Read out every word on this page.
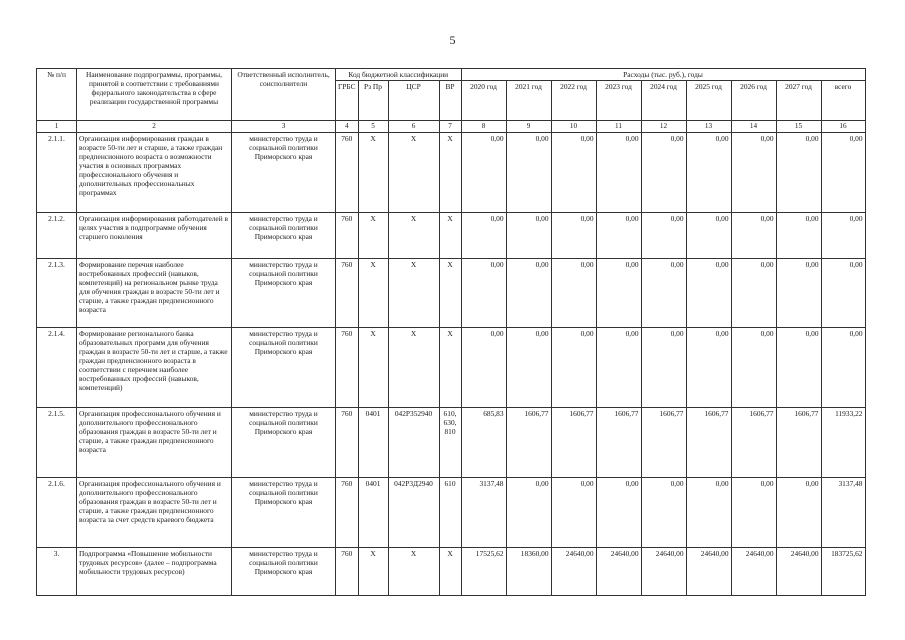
5
№ п/п	Наименование подпрограммы, программы, принятой в соответствии с требованиями федерального законодательства в сфере реализации государственной программы	Ответственный исполнитель, соисполнители	Код бюджетной классификации				Расходы (тыс. руб.), годы								
			ГРБС	Рз Пр	ЦСР	ВР	2020 год	2021 год	2022 год	2023 год	2024 год	2025 год	2026 год	2027 год	всего
1	2	3	4	5	6	7	8	9	10	11	12	13	14	15	16
2.1.1.	Организация информирования граждан в возрасте 50-ти лет и старше, а также граждан предпенсионного возраста о возможности участия в основных программах профессионального обучения и дополнительных профессиональных программах	министерство труда и социальной политики Приморского края	760	X	X	X	0,00	0,00	0,00	0,00	0,00	0,00	0,00	0,00	0,00
2.1.2.	Организация информирования работодателей в целях участия в подпрограмме обучения старшего поколения	министерство труда и социальной политики Приморского края	760	X	X	X	0,00	0,00	0,00	0,00	0,00	0,00	0,00	0,00	0,00
2.1.3.	Формирование перечня наиболее востребованных профессий (навыков, компетенций) на региональном рынке труда для обучения граждан в возрасте 50-ти лет и старше, а также граждан предпенсионного возраста	министерство труда и социальной политики Приморского края	760	X	X	X	0,00	0,00	0,00	0,00	0,00	0,00	0,00	0,00	0,00
2.1.4.	Формирование регионального банка образовательных программ для обучения граждан в возрасте 50-ти лет и старше, а также граждан предпенсионного возраста в соответствии с перечнем наиболее востребованных профессий (навыков, компетенций)	министерство труда и социальной политики Приморского края	760	X	X	X	0,00	0,00	0,00	0,00	0,00	0,00	0,00	0,00	0,00
2.1.5.	Организация профессионального обучения и дополнительного профессионального образования граждан в возрасте 50-ти лет и старше, а также граждан предпенсионного возраста	министерство труда и социальной политики Приморского края	760	0401	042P352940	610, 630, 810	685,83	1606,77	1606,77	1606,77	1606,77	1606,77	1606,77	1606,77	11933,22
2.1.6.	Организация профессионального обучения и дополнительного профессионального образования граждан в возрасте 50-ти лет и старше, а также граждан предпенсионного возраста за счет средств краевого бюджета	министерство труда и социальной политики Приморского края	760	0401	042P3Д2940	610	3137,48	0,00	0,00	0,00	0,00	0,00	0,00	0,00	3137,48
3.	Подпрограмма «Повышение мобильности трудовых ресурсов» (далее – подпрограмма мобильности трудовых ресурсов)	министерство труда и социальной политики Приморского края	760	X	X	X	17525,62	18360,00	24640,00	24640,00	24640,00	24640,00	24640,00	24640,00	183725,62
